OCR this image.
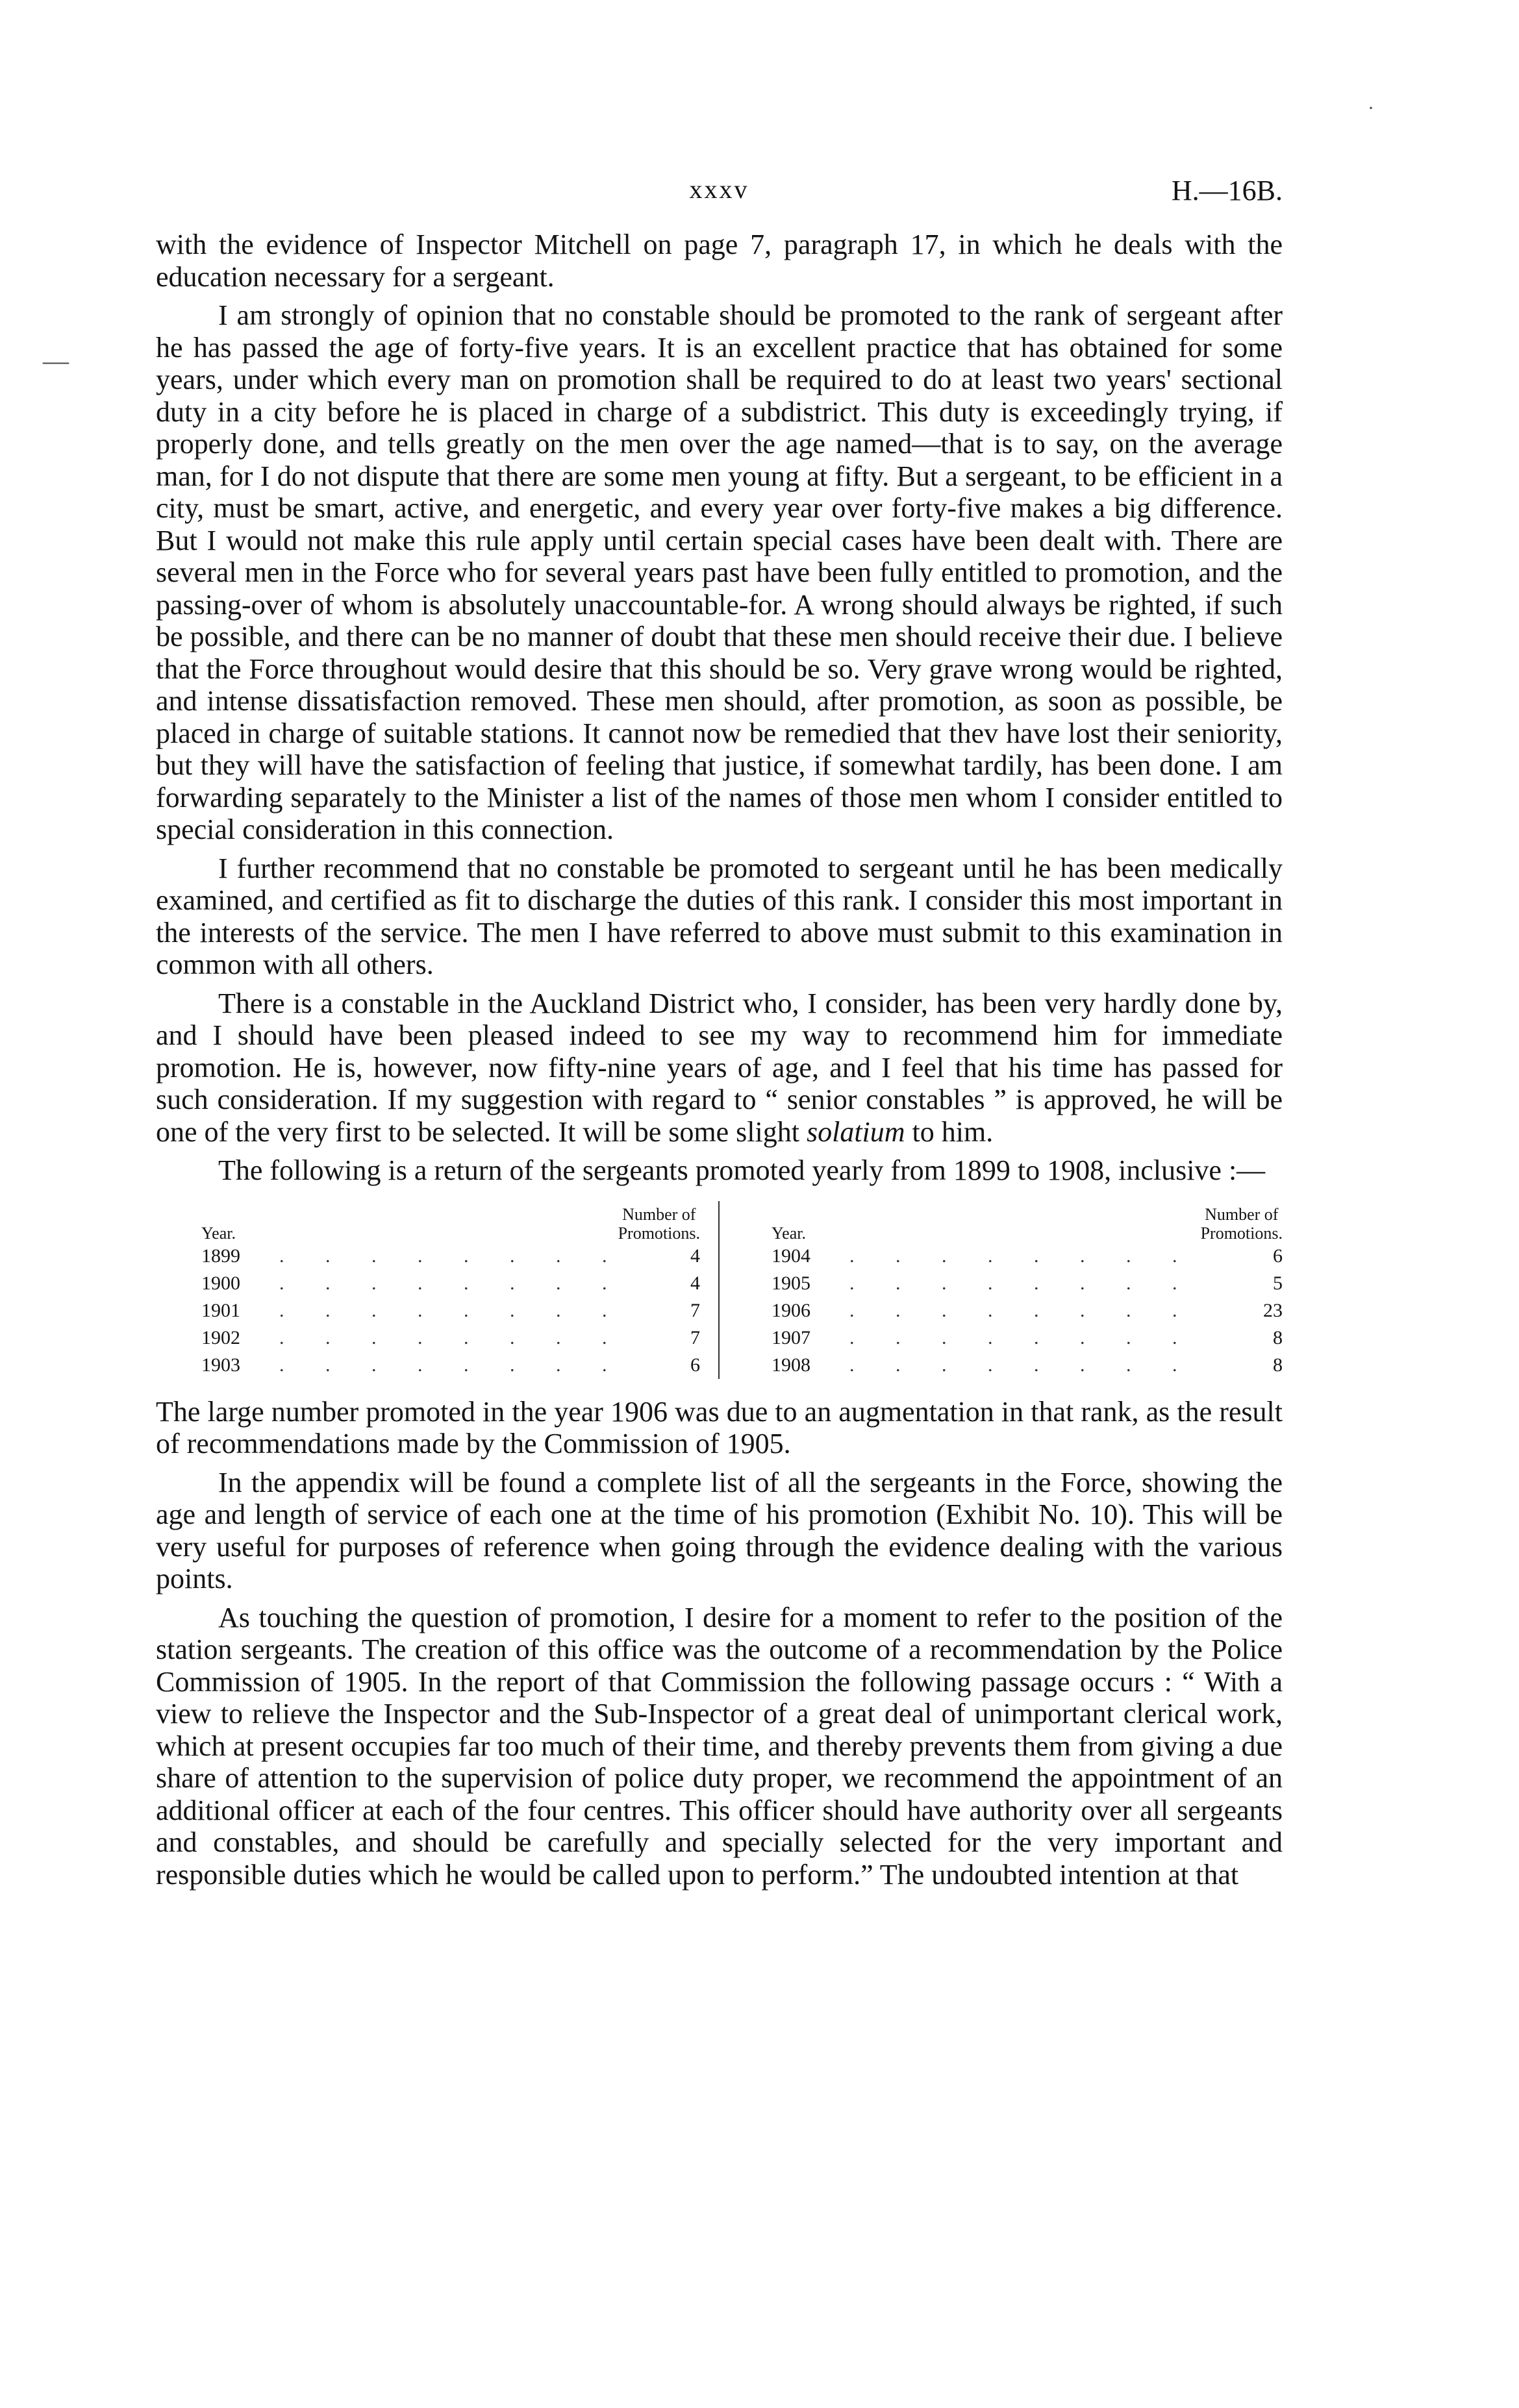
—
·
xxxv	H.—16B.

with the evidence of Inspector Mitchell on page 7, paragraph 17, in which he deals with the education necessary for a sergeant.

I am strongly of opinion that no constable should be promoted to the rank of sergeant after he has passed the age of forty-five years. It is an excellent practice that has obtained for some years, under which every man on promotion shall be required to do at least two years' sectional duty in a city before he is placed in charge of a subdistrict. This duty is exceedingly trying, if properly done, and tells greatly on the men over the age named—that is to say, on the average man, for I do not dispute that there are some men young at fifty. But a sergeant, to be efficient in a city, must be smart, active, and energetic, and every year over forty-five makes a big difference. But I would not make this rule apply until certain special cases have been dealt with. There are several men in the Force who for several years past have been fully entitled to promotion, and the passing-over of whom is absolutely unaccountable-for. A wrong should always be righted, if such be possible, and there can be no manner of doubt that these men should receive their due. I believe that the Force throughout would desire that this should be so. Very grave wrong would be righted, and intense dissatisfaction removed. These men should, after promotion, as soon as possible, be placed in charge of suitable stations. It cannot now be remedied that thev have lost their seniority, but they will have the satisfaction of feeling that justice, if somewhat tardily, has been done. I am forwarding separately to the Minister a list of the names of those men whom I consider entitled to special consideration in this connection.

I further recommend that no constable be promoted to sergeant until he has been medically examined, and certified as fit to discharge the duties of this rank. I consider this most important in the interests of the service. The men I have referred to above must submit to this examination in common with all others.

There is a constable in the Auckland District who, I consider, has been very hardly done by, and I should have been pleased indeed to see my way to recommend him for immediate promotion. He is, however, now fifty-nine years of age, and I feel that his time has passed for such consideration. If my suggestion with regard to “ senior constables ” is approved, he will be one of the very first to be selected. It will be some slight solatium to him.

The following is a return of the sergeants promoted yearly from 1899 to 1908, inclusive :—

Year.
Number of
Promotions.
1899	. . . . . . . .	4
1900	. . . . . . . .	4
1901	. . . . . . . .	7
1902	. . . . . . . .	7
1903	. . . . . . . .	6
Year.
Number of
Promotions.
1904	. . . . . . . .	6
1905	. . . . . . . .	5
1906	. . . . . . . .	23
1907	. . . . . . . .	8
1908	. . . . . . . .	8

The large number promoted in the year 1906 was due to an augmentation in that rank, as the result of recommendations made by the Commission of 1905.

In the appendix will be found a complete list of all the sergeants in the Force, showing the age and length of service of each one at the time of his promotion (Exhibit No. 10). This will be very useful for purposes of reference when going through the evidence dealing with the various points.

As touching the question of promotion, I desire for a moment to refer to the position of the station sergeants. The creation of this office was the outcome of a recommendation by the Police Commission of 1905. In the report of that Commission the following passage occurs : “ With a view to relieve the Inspector and the Sub-Inspector of a great deal of unimportant clerical work, which at present occupies far too much of their time, and thereby prevents them from giving a due share of attention to the supervision of police duty proper, we recommend the appointment of an additional officer at each of the four centres. This officer should have authority over all sergeants and constables, and should be carefully and specially selected for the very important and responsible duties which he would be called upon to perform.” The undoubted intention at that
